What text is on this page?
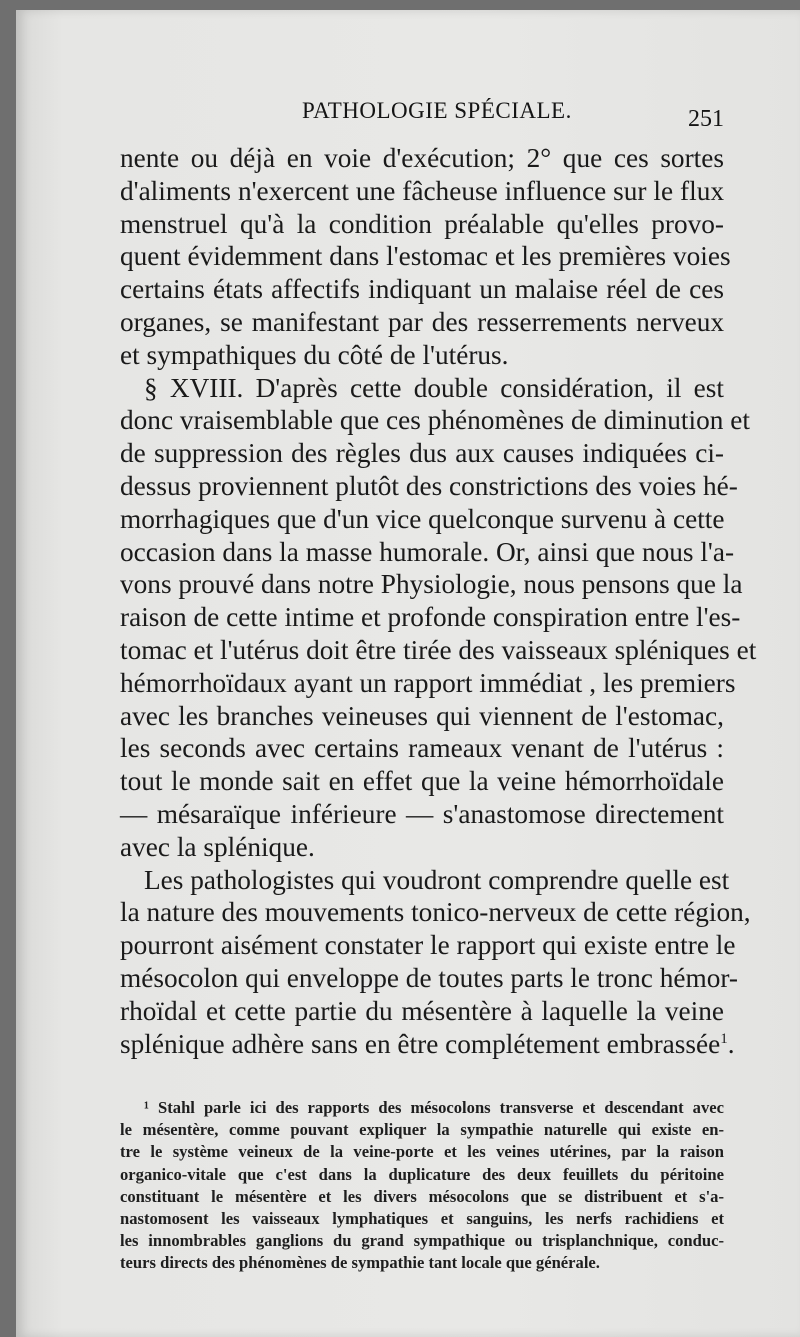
PATHOLOGIE SPÉCIALE.	251
nente ou déjà en voie d'exécution; 2° que ces sortes
d'aliments n'exercent une fâcheuse influence sur le flux
menstruel qu'à la condition préalable qu'elles provo-
quent évidemment dans l'estomac et les premières voies
certains états affectifs indiquant un malaise réel de ces
organes, se manifestant par des resserrements nerveux
et sympathiques du côté de l'utérus.
§ XVIII. D'après cette double considération, il est
donc vraisemblable que ces phénomènes de diminution et
de suppression des règles dus aux causes indiquées ci-
dessus proviennent plutôt des constrictions des voies hé-
morrhagiques que d'un vice quelconque survenu à cette
occasion dans la masse humorale. Or, ainsi que nous l'a-
vons prouvé dans notre Physiologie, nous pensons que la
raison de cette intime et profonde conspiration entre l'es-
tomac et l'utérus doit être tirée des vaisseaux spléniques et
hémorrhoïdaux ayant un rapport immédiat , les premiers
avec les branches veineuses qui viennent de l'estomac,
les seconds avec certains rameaux venant de l'utérus :
tout le monde sait en effet que la veine hémorrhoïdale
— mésaraïque inférieure — s'anastomose directement
avec la splénique.
Les pathologistes qui voudront comprendre quelle est
la nature des mouvements tonico-nerveux de cette région,
pourront aisément constater le rapport qui existe entre le
mésocolon qui enveloppe de toutes parts le tronc hémor-
rhoïdal et cette partie du mésentère à laquelle la veine
splénique adhère sans en être complétement embrassée$^1$.
¹ Stahl parle ici des rapports des mésocolons transverse et descendant avec
le mésentère, comme pouvant expliquer la sympathie naturelle qui existe en-
tre le système veineux de la veine-porte et les veines utérines, par la raison
organico-vitale que c'est dans la duplicature des deux feuillets du péritoine
constituant le mésentère et les divers mésocolons que se distribuent et s'a-
nastomosent les vaisseaux lymphatiques et sanguins, les nerfs rachidiens et
les innombrables ganglions du grand sympathique ou trisplanchnique, conduc-
teurs directs des phénomènes de sympathie tant locale que générale.
